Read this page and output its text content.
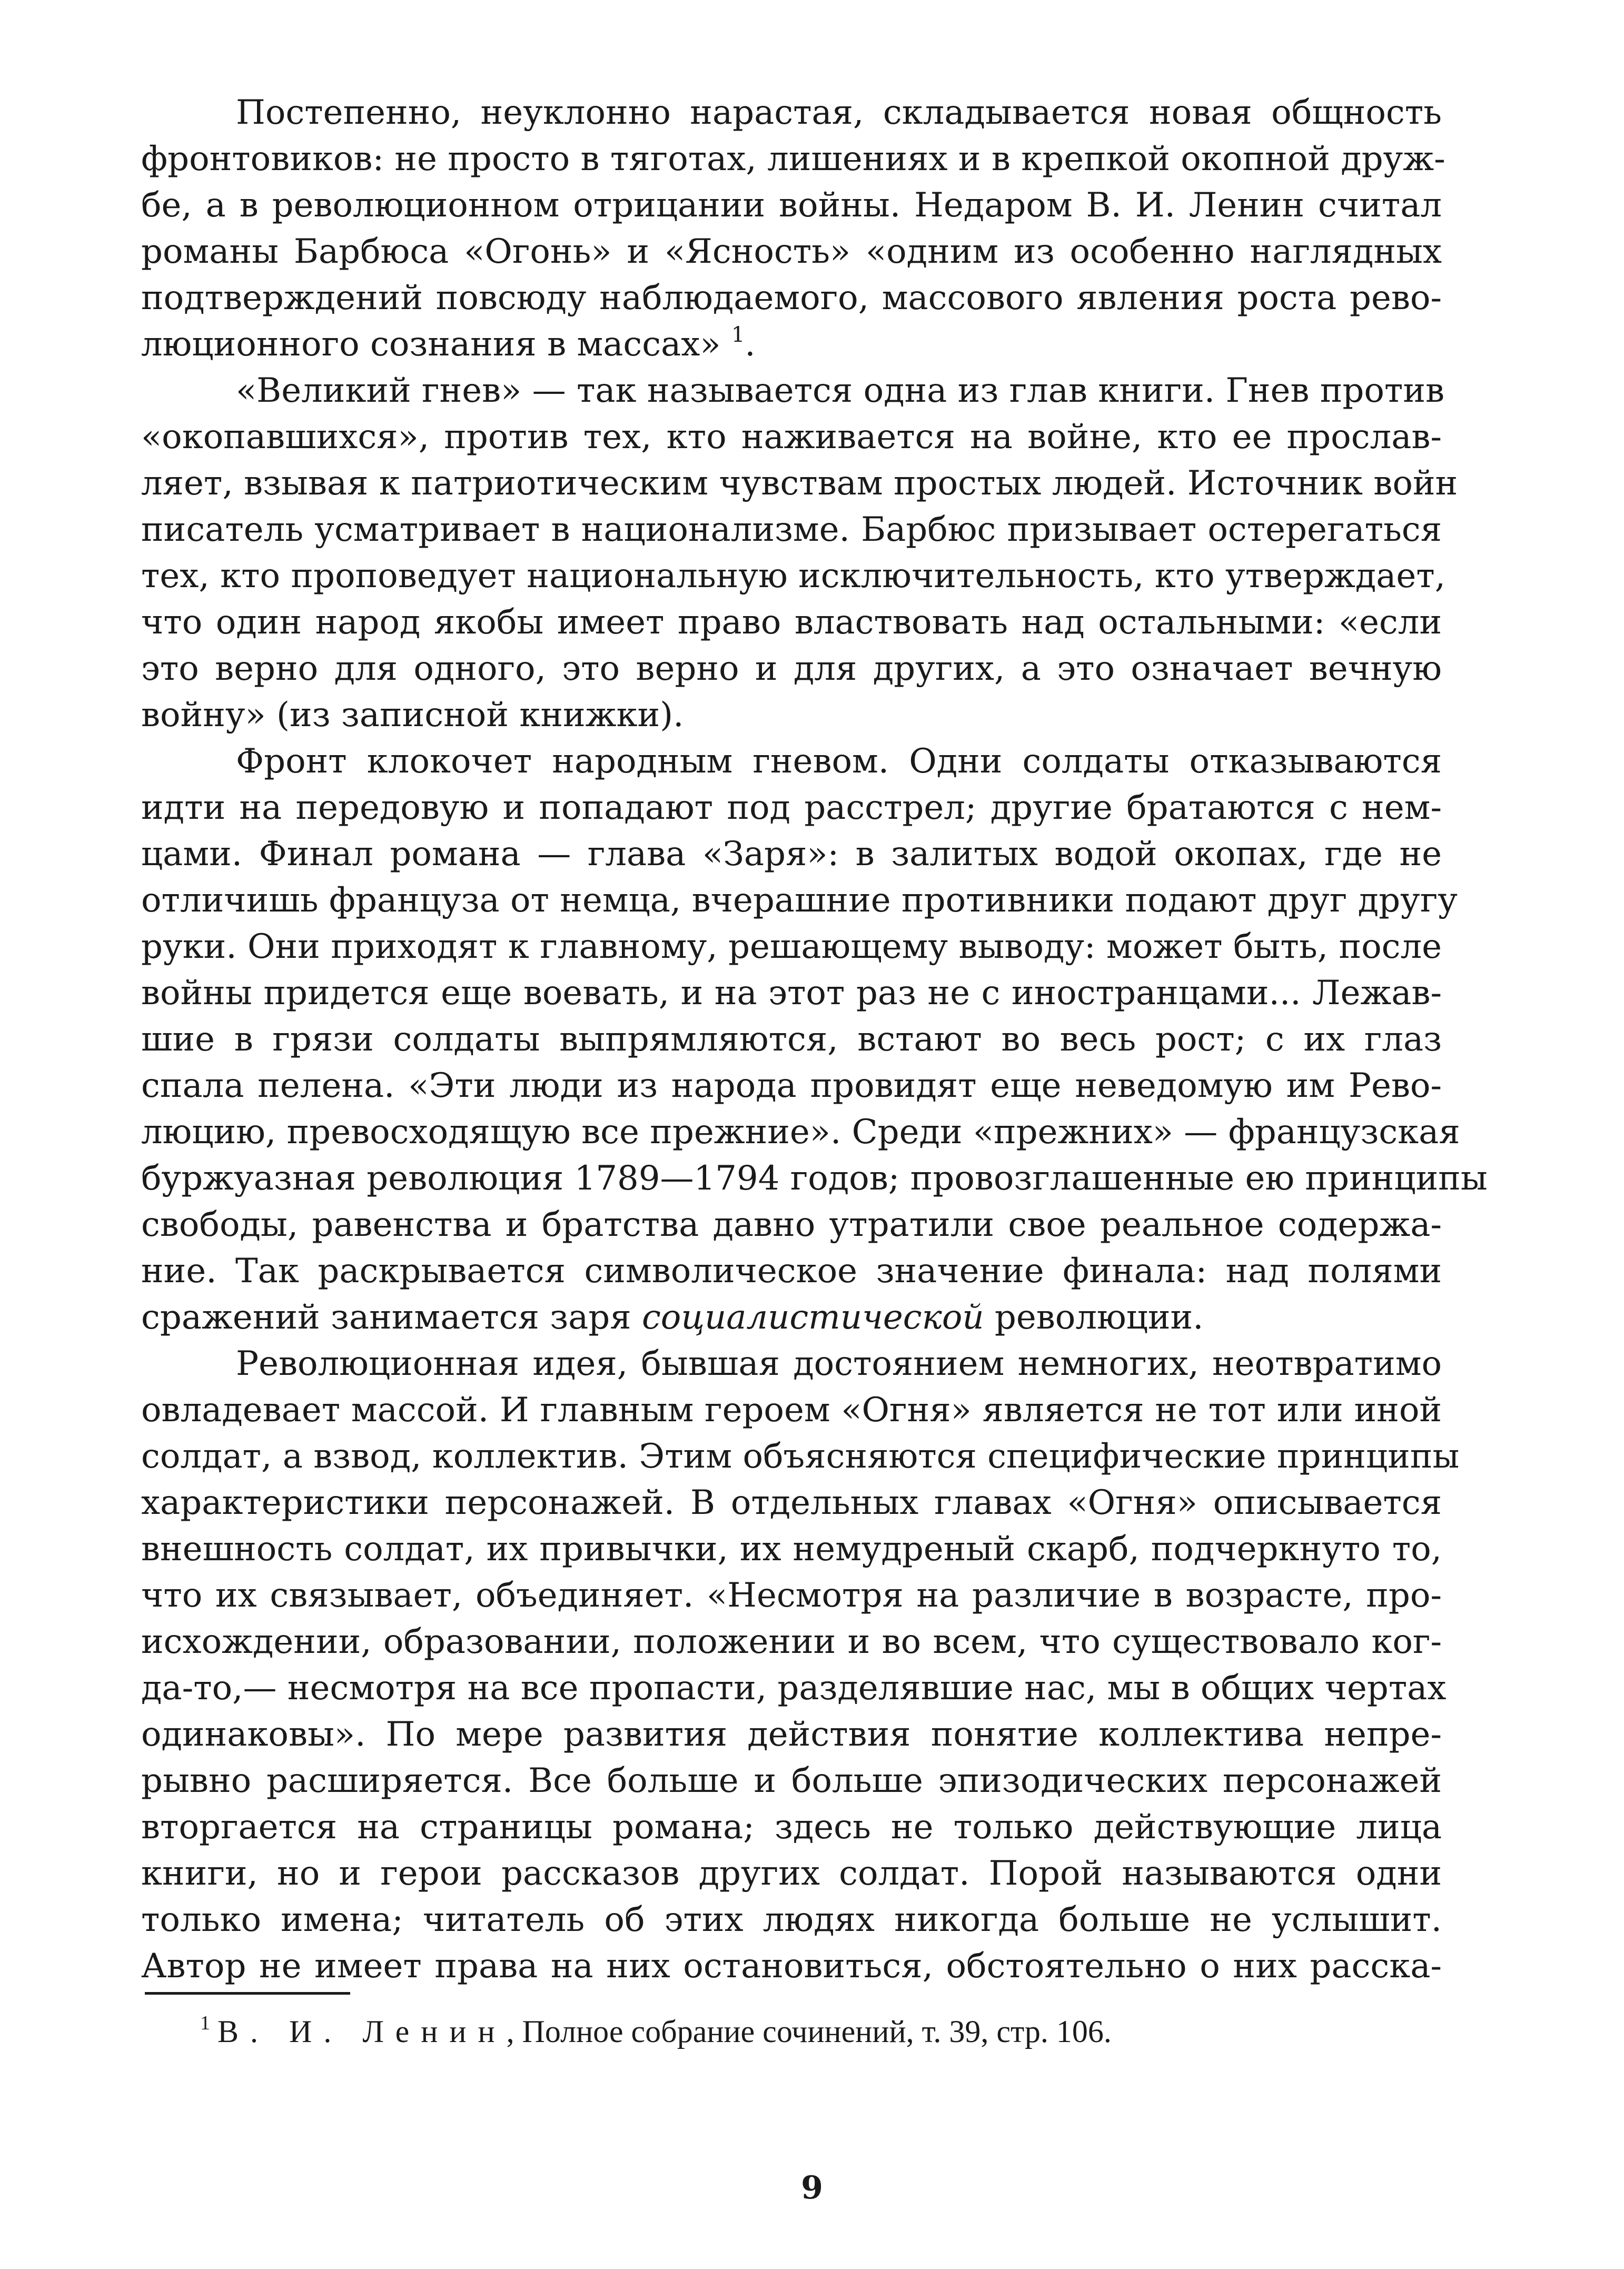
Постепенно, неуклонно нарастая, складывается новая общность
фронтовиков: не просто в тяготах, лишениях и в крепкой окопной друж-
бе, а в революционном отрицании войны. Недаром В. И. Ленин считал
романы Барбюса «Огонь» и «Ясность» «одним из особенно наглядных
подтверждений повсюду наблюдаемого, массового явления роста рево-
люционного сознания в массах» $^1$.
«Великий гнев» — так называется одна из глав книги. Гнев против
«окопавшихся», против тех, кто наживается на войне, кто ее прослав-
ляет, взывая к патриотическим чувствам простых людей. Источник войн
писатель усматривает в национализме. Барбюс призывает остерегаться
тех, кто проповедует национальную исключительность, кто утверждает,
что один народ якобы имеет право властвовать над остальными: «если
это верно для одного, это верно и для других, а это означает вечную
войну» (из записной книжки).
Фронт клокочет народным гневом. Одни солдаты отказываются
идти на передовую и попадают под расстрел; другие братаются с нем-
цами. Финал романа — глава «Заря»: в залитых водой окопах, где не
отличишь француза от немца, вчерашние противники подают друг другу
руки. Они приходят к главному, решающему выводу: может быть, после
войны придется еще воевать, и на этот раз не с иностранцами... Лежав-
шие в грязи солдаты выпрямляются, встают во весь рост; с их глаз
спала пелена. «Эти люди из народа провидят еще неведомую им Рево-
люцию, превосходящую все прежние». Среди «прежних» — французская
буржуазная революция 1789—1794 годов; провозглашенные ею принципы
свободы, равенства и братства давно утратили свое реальное содержа-
ние. Так раскрывается символическое значение финала: над полями
сражений занимается заря социалистической революции.
Революционная идея, бывшая достоянием немногих, неотвратимо
овладевает массой. И главным героем «Огня» является не тот или иной
солдат, а взвод, коллектив. Этим объясняются специфические принципы
характеристики персонажей. В отдельных главах «Огня» описывается
внешность солдат, их привычки, их немудреный скарб, подчеркнуто то,
что их связывает, объединяет. «Несмотря на различие в возрасте, про-
исхождении, образовании, положении и во всем, что существовало ког-
да-то,— несмотря на все пропасти, разделявшие нас, мы в общих чертах
одинаковы». По мере развития действия понятие коллектива непре-
рывно расширяется. Все больше и больше эпизодических персонажей
вторгается на страницы романа; здесь не только действующие лица
книги, но и герои рассказов других солдат. Порой называются одни
только имена; читатель об этих людях никогда больше не услышит.
Автор не имеет права на них остановиться, обстоятельно о них расска-
$^1$ В. И. Ленин, Полное собрание сочинений, т. 39, стр. 106.
9
